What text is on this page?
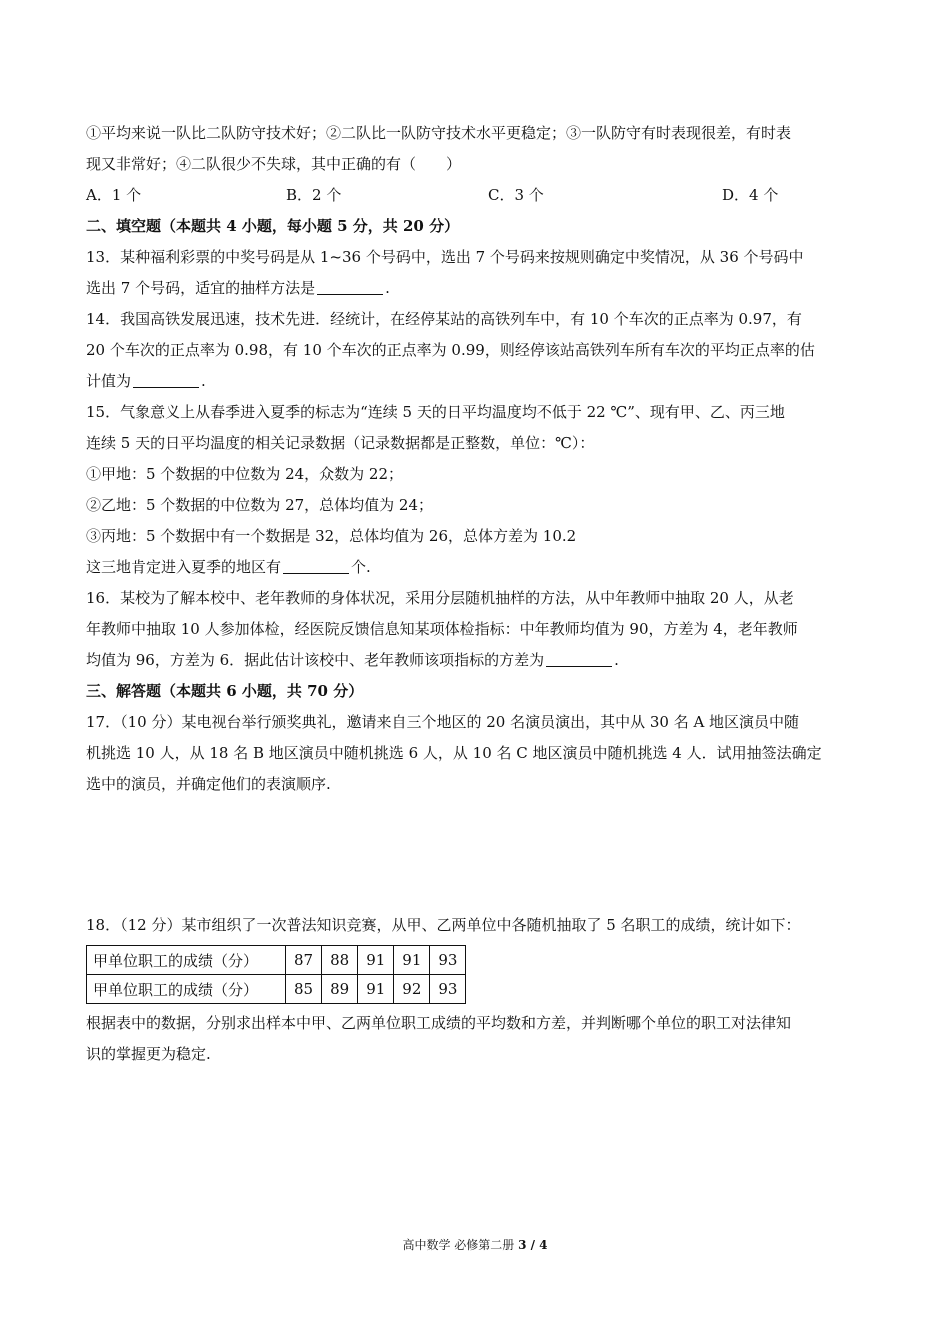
①平均来说一队比二队防守技术好；②二队比一队防守技术水平更稳定；③一队防守有时表现很差，有时表

现又非常好；④二队很少不失球，其中正确的有（　　）

A．1 个	B．2 个	C．3 个	D．4 个

二、填空题（本题共 4 小题，每小题 5 分，共 20 分）

13．某种福利彩票的中奖号码是从 1~36 个号码中，选出 7 个号码来按规则确定中奖情况，从 36 个号码中

选出 7 个号码，适宜的抽样方法是	.

14．我国高铁发展迅速，技术先进．经统计，在经停某站的高铁列车中，有 10 个车次的正点率为 0.97，有

20 个车次的正点率为 0.98，有 10 个车次的正点率为 0.99，则经停该站高铁列车所有车次的平均正点率的估

计值为	.

15．气象意义上从春季进入夏季的标志为“连续 5 天的日平均温度均不低于 22 ℃”、现有甲、乙、丙三地

连续 5 天的日平均温度的相关记录数据（记录数据都是正整数，单位：℃）：

①甲地：5 个数据的中位数为 24，众数为 22；

②乙地：5 个数据的中位数为 27，总体均值为 24；

③丙地：5 个数据中有一个数据是 32，总体均值为 26，总体方差为 10.2

这三地肯定进入夏季的地区有	个.

16．某校为了解本校中、老年教师的身体状况，采用分层随机抽样的方法，从中年教师中抽取 20 人，从老

年教师中抽取 10 人参加体检，经医院反馈信息知某项体检指标：中年教师均值为 90，方差为 4，老年教师

均值为 96，方差为 6．据此估计该校中、老年教师该项指标的方差为	.

三、解答题（本题共 6 小题，共 70 分）

17．（10 分）某电视台举行颁奖典礼，邀请来自三个地区的 20 名演员演出，其中从 30 名 A 地区演员中随

机挑选 10 人，从 18 名 B 地区演员中随机挑选 6 人，从 10 名 C 地区演员中随机挑选 4 人．试用抽签法确定

选中的演员，并确定他们的表演顺序.

18．（12 分）某市组织了一次普法知识竞赛，从甲、乙两单位中各随机抽取了 5 名职工的成绩，统计如下：

甲单位职工的成绩（分）	87	88	91	91	93
甲单位职工的成绩（分）	85	89	91	92	93

根据表中的数据，分别求出样本中甲、乙两单位职工成绩的平均数和方差，并判断哪个单位的职工对法律知

识的掌握更为稳定.

高中数学 必修第二册 3 / 4
